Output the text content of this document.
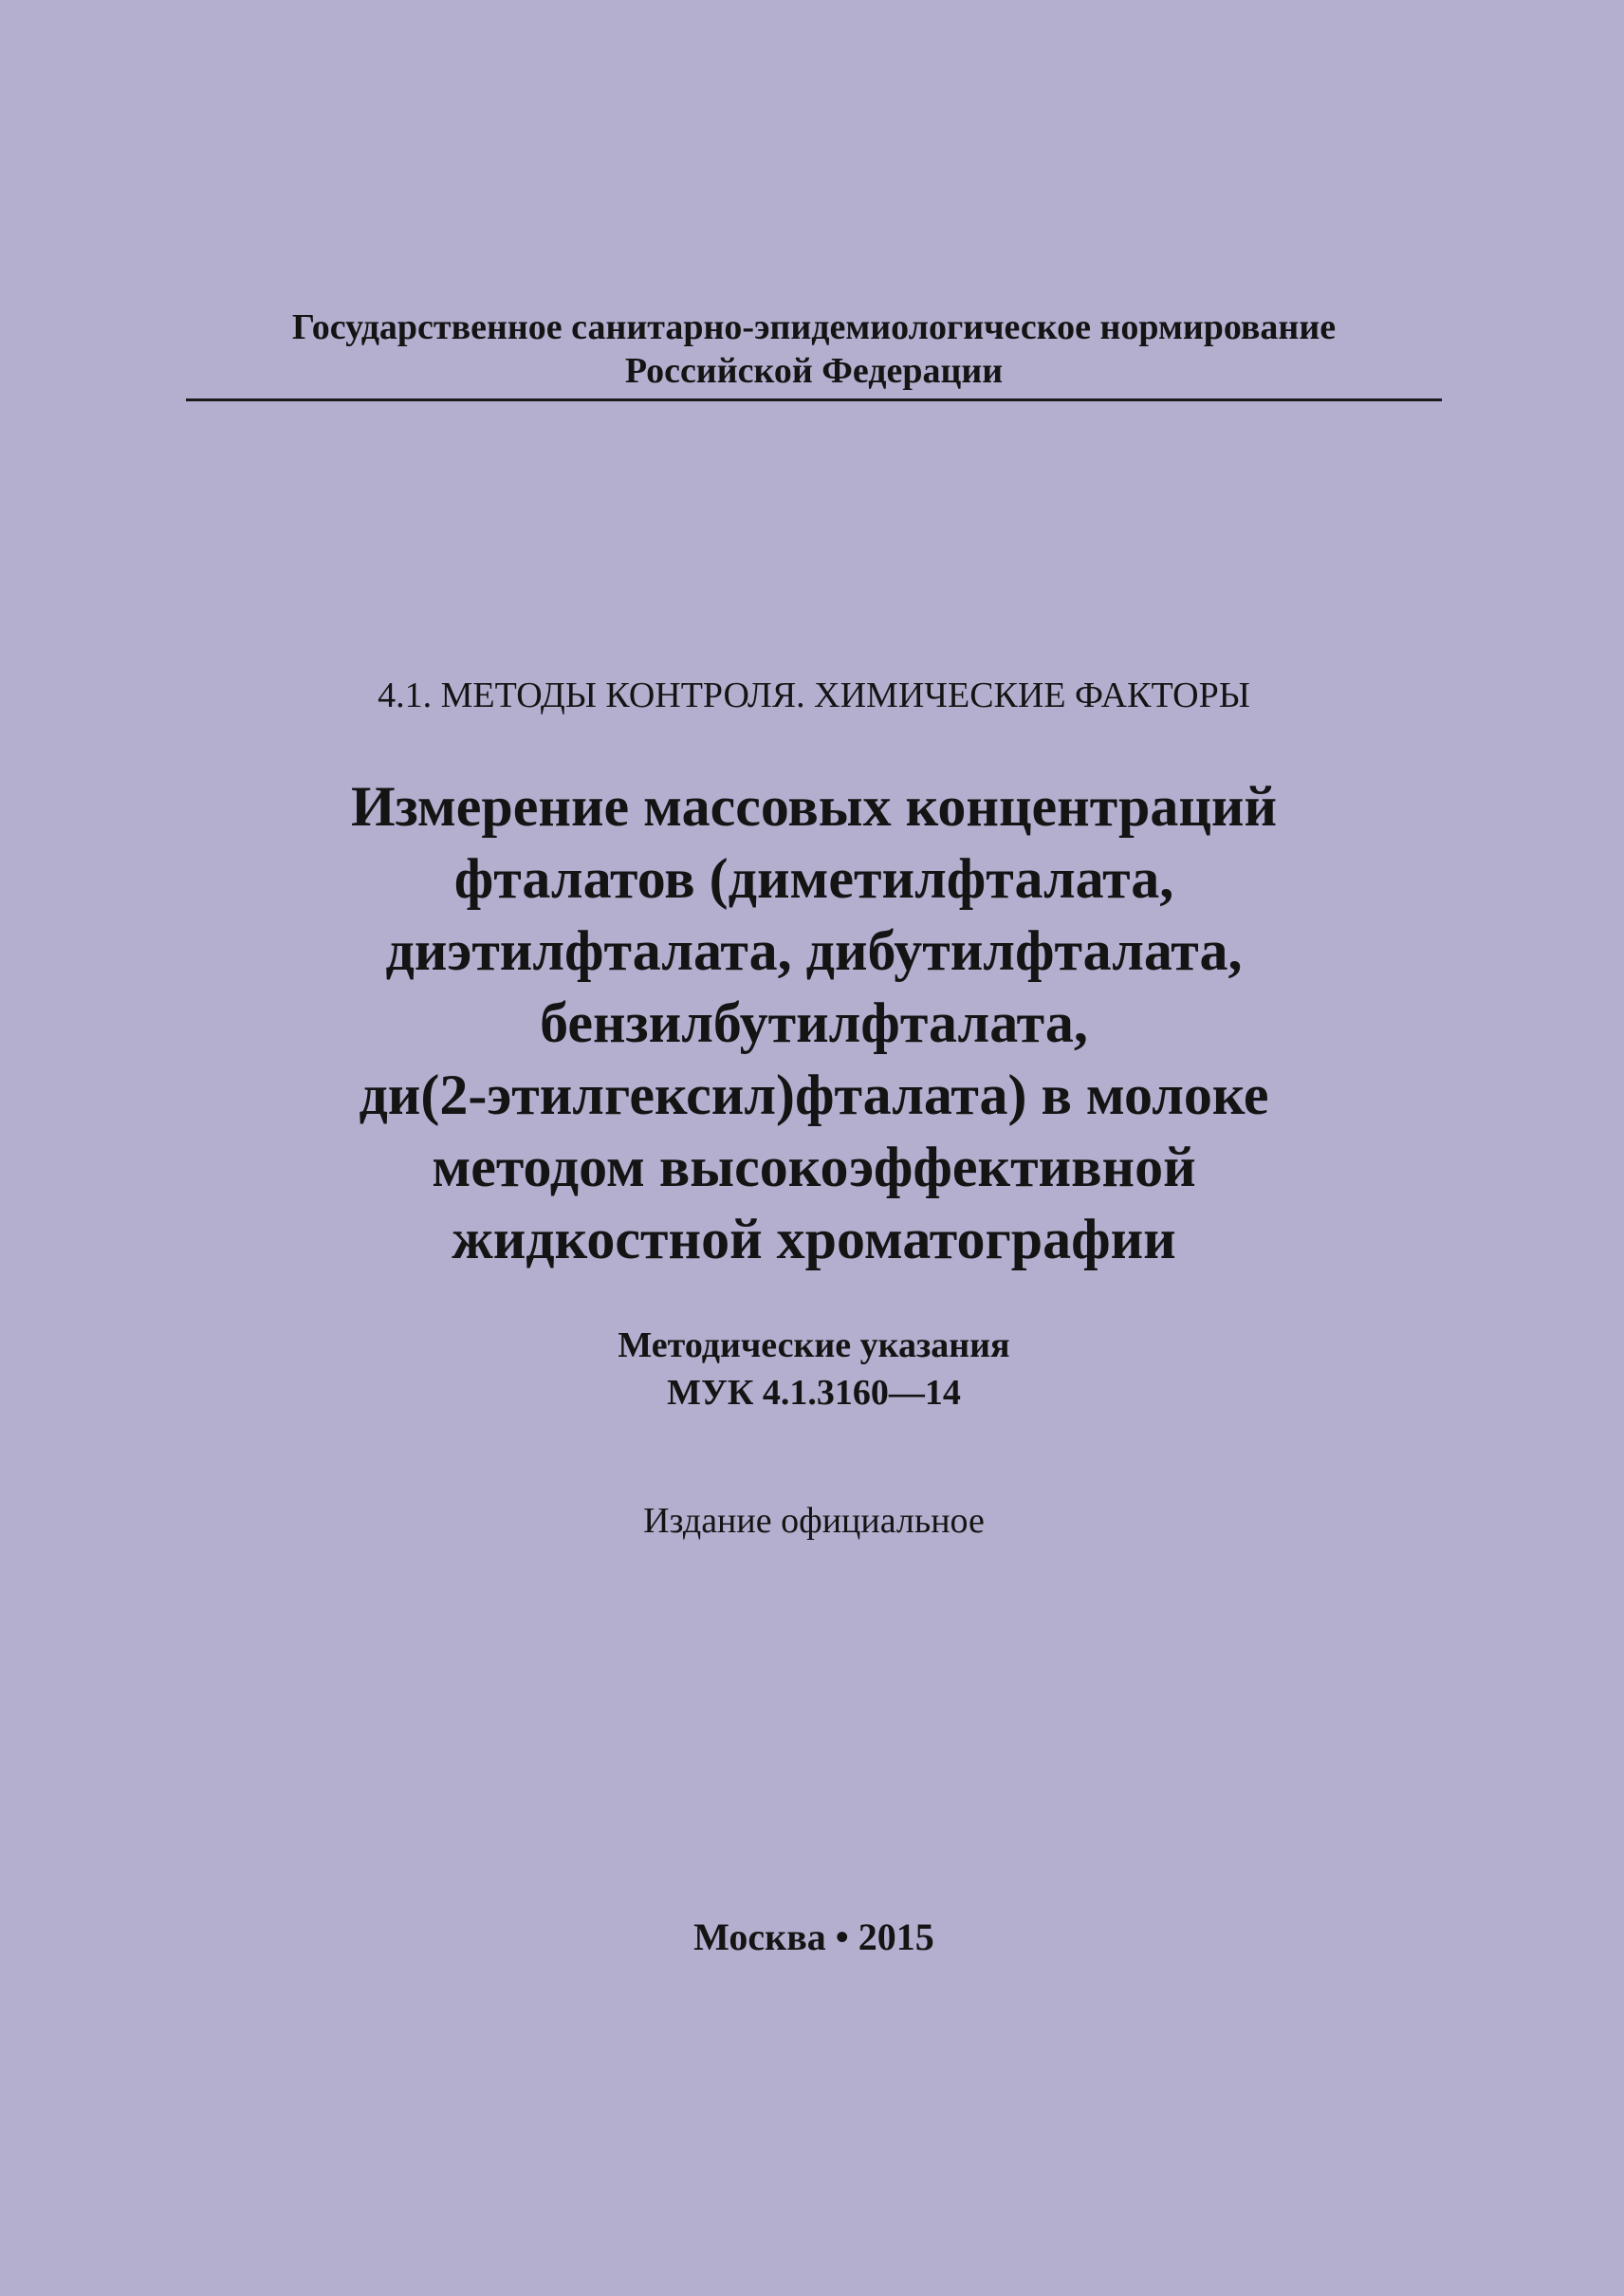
Государственное санитарно-эпидемиологическое нормирование
Российской Федерации
4.1. МЕТОДЫ КОНТРОЛЯ. ХИМИЧЕСКИЕ ФАКТОРЫ
Измерение массовых концентраций
фталатов (диметилфталата,
диэтилфталата, дибутилфталата,
бензилбутилфталата,
ди(2-этилгексил)фталата) в молоке
методом высокоэффективной
жидкостной хроматографии
Методические указания
МУК 4.1.3160—14
Издание официальное
Москва • 2015
